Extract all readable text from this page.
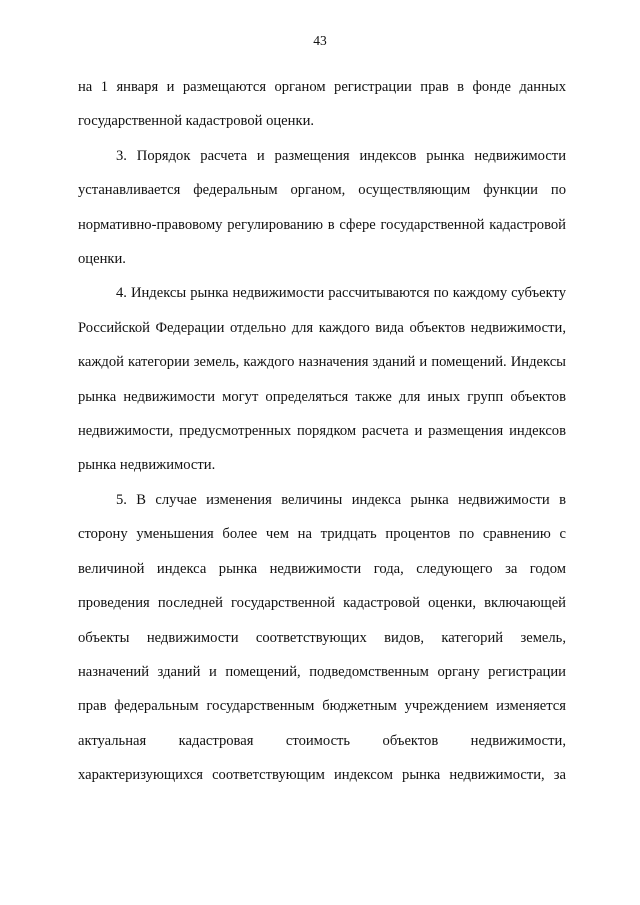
43

на 1 января и размещаются органом регистрации прав в фонде данных государственной кадастровой оценки.

3. Порядок расчета и размещения индексов рынка недвижимости устанавливается федеральным органом, осуществляющим функции по нормативно-правовому регулированию в сфере государственной кадастровой оценки.

4. Индексы рынка недвижимости рассчитываются по каждому субъекту Российской Федерации отдельно для каждого вида объектов недвижимости, каждой категории земель, каждого назначения зданий и помещений. Индексы рынка недвижимости могут определяться также для иных групп объектов недвижимости, предусмотренных порядком расчета и размещения индексов рынка недвижимости.

5. В случае изменения величины индекса рынка недвижимости в сторону уменьшения более чем на тридцать процентов по сравнению с величиной индекса рынка недвижимости года, следующего за годом проведения последней государственной кадастровой оценки, включающей объекты недвижимости соответствующих видов, категорий земель, назначений зданий и помещений, подведомственным органу регистрации прав федеральным государственным бюджетным учреждением изменяется актуальная кадастровая стоимость объектов недвижимости, характеризующихся соответствующим индексом рынка недвижимости, за
